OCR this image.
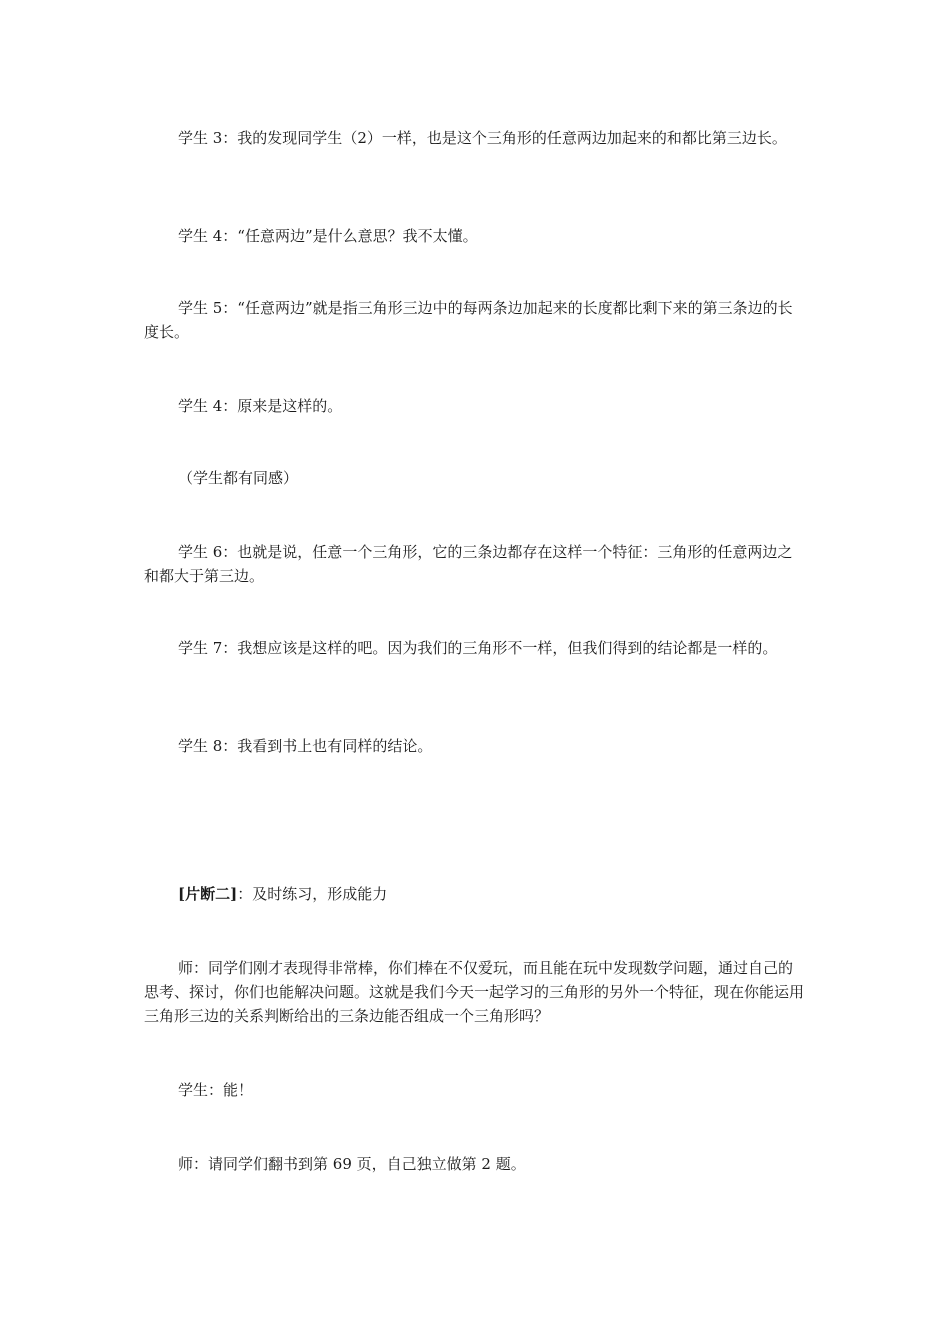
学生 3：我的发现同学生（2）一样，也是这个三角形的任意两边加起来的和都比第三边长。

学生 4：“任意两边”是什么意思？我不太懂。

学生 5：“任意两边”就是指三角形三边中的每两条边加起来的长度都比剩下来的第三条边的长度长。

学生 4：原来是这样的。

（学生都有同感）

学生 6：也就是说，任意一个三角形，它的三条边都存在这样一个特征：三角形的任意两边之和都大于第三边。

学生 7：我想应该是这样的吧。因为我们的三角形不一样，但我们得到的结论都是一样的。

学生 8：我看到书上也有同样的结论。

[片断二]：及时练习，形成能力

师：同学们刚才表现得非常棒，你们棒在不仅爱玩，而且能在玩中发现数学问题，通过自己的思考、探讨，你们也能解决问题。这就是我们今天一起学习的三角形的另外一个特征，现在你能运用三角形三边的关系判断给出的三条边能否组成一个三角形吗？

学生：能！

师：请同学们翻书到第 69 页，自己独立做第 2 题。
